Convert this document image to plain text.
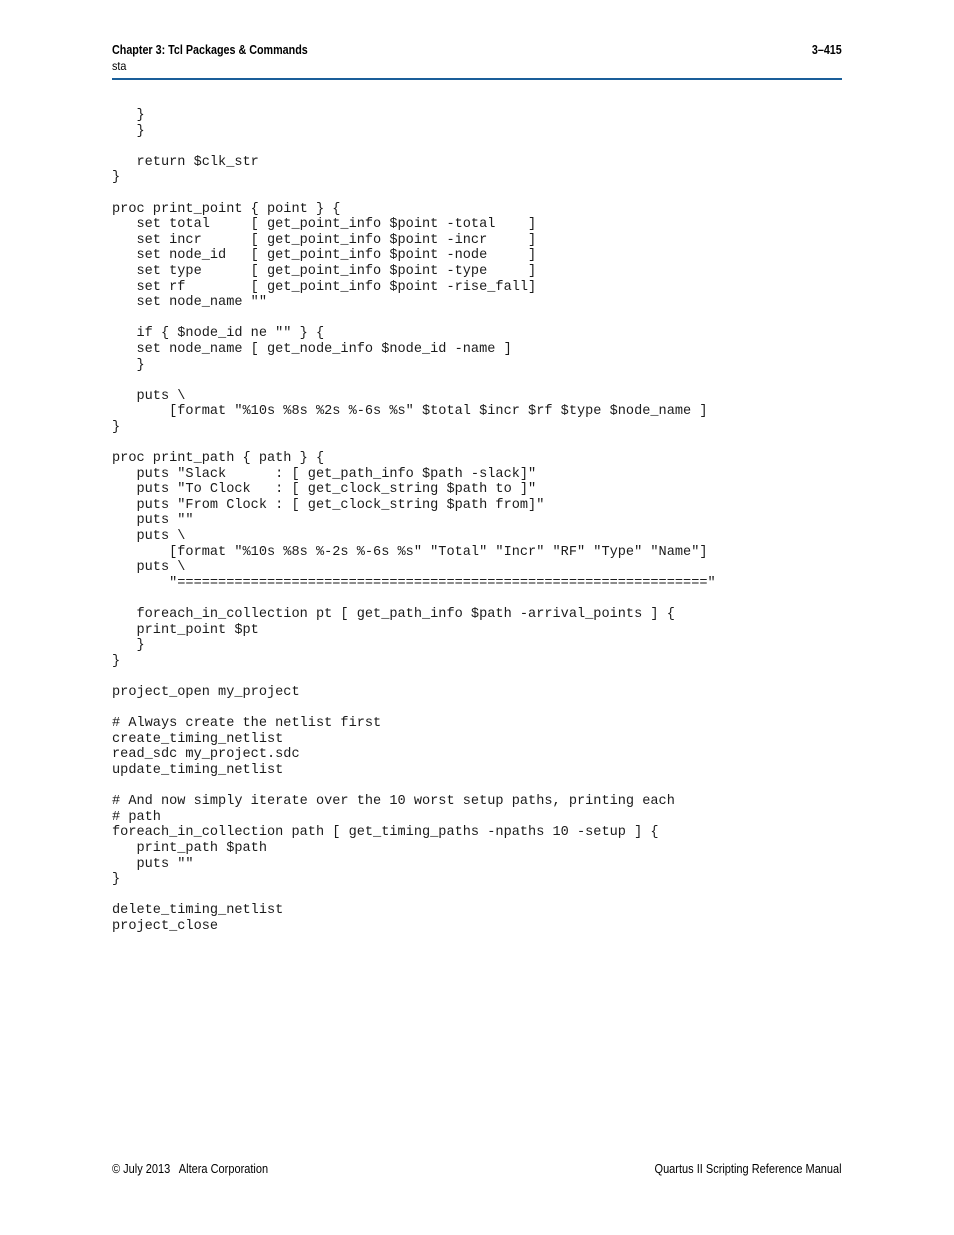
Chapter 3: Tcl Packages & Commands
sta
3–415
}
}
return $clk_str
}
proc print_point { point } {
set total     [ get_point_info $point -total    ]
set incr      [ get_point_info $point -incr     ]
set node_id   [ get_point_info $point -node     ]
set type      [ get_point_info $point -type     ]
set rf        [ get_point_info $point -rise_fall]
set node_name ""
if { $node_id ne "" } {
set node_name [ get_node_info $node_id -name ]
}
puts \
[format "%10s %8s %2s %-6s %s" $total $incr $rf $type $node_name ]
}
proc print_path { path } {
puts "Slack      : [ get_path_info $path -slack]"
puts "To Clock   : [ get_clock_string $path to ]"
puts "From Clock : [ get_clock_string $path from]"
puts ""
puts \
[format "%10s %8s %-2s %-6s %s" "Total" "Incr" "RF" "Type" "Name"]
puts \
"================================================================="
foreach_in_collection pt [ get_path_info $path -arrival_points ] {
print_point $pt
}
}
project_open my_project
# Always create the netlist first
create_timing_netlist
read_sdc my_project.sdc
update_timing_netlist
# And now simply iterate over the 10 worst setup paths, printing each
# path
foreach_in_collection path [ get_timing_paths -npaths 10 -setup ] {
print_path $path
puts ""
}
delete_timing_netlist
project_close
© July 2013   Altera Corporation	Quartus II Scripting Reference Manual
